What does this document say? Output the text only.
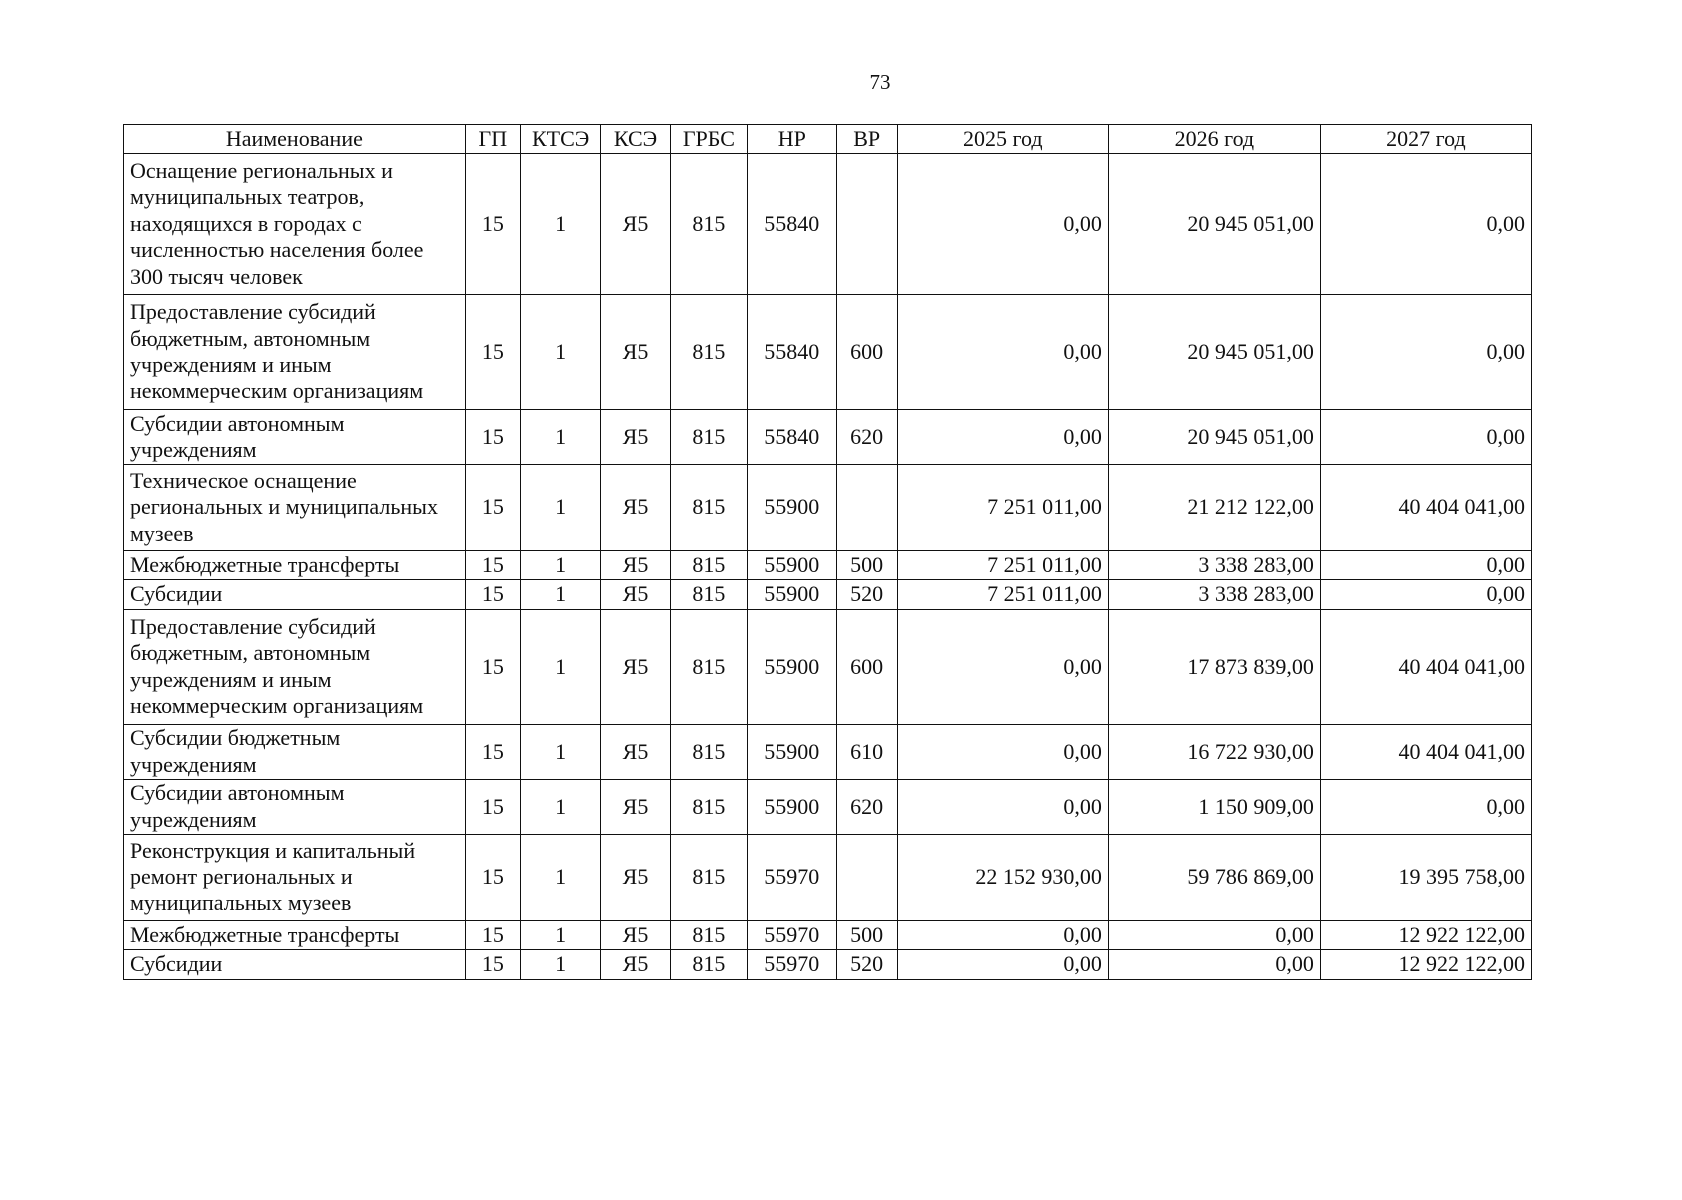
73
Наименование	ГП	КТСЭ	КСЭ	ГРБС	НР	ВР	2025 год	2026 год	2027 год
Оснащение региональных и муниципальных театров, находящихся в городах с численностью населения более 300 тысяч человек	15	1	Я5	815	55840		0,00	20 945 051,00	0,00
Предоставление субсидий бюджетным, автономным учреждениям и иным некоммерческим организациям	15	1	Я5	815	55840	600	0,00	20 945 051,00	0,00
Субсидии автономным учреждениям	15	1	Я5	815	55840	620	0,00	20 945 051,00	0,00
Техническое оснащение региональных и муниципальных музеев	15	1	Я5	815	55900		7 251 011,00	21 212 122,00	40 404 041,00
Межбюджетные трансферты	15	1	Я5	815	55900	500	7 251 011,00	3 338 283,00	0,00
Субсидии	15	1	Я5	815	55900	520	7 251 011,00	3 338 283,00	0,00
Предоставление субсидий бюджетным, автономным учреждениям и иным некоммерческим организациям	15	1	Я5	815	55900	600	0,00	17 873 839,00	40 404 041,00
Субсидии бюджетным учреждениям	15	1	Я5	815	55900	610	0,00	16 722 930,00	40 404 041,00
Субсидии автономным учреждениям	15	1	Я5	815	55900	620	0,00	1 150 909,00	0,00
Реконструкция и капитальный ремонт региональных и муниципальных музеев	15	1	Я5	815	55970		22 152 930,00	59 786 869,00	19 395 758,00
Межбюджетные трансферты	15	1	Я5	815	55970	500	0,00	0,00	12 922 122,00
Субсидии	15	1	Я5	815	55970	520	0,00	0,00	12 922 122,00
